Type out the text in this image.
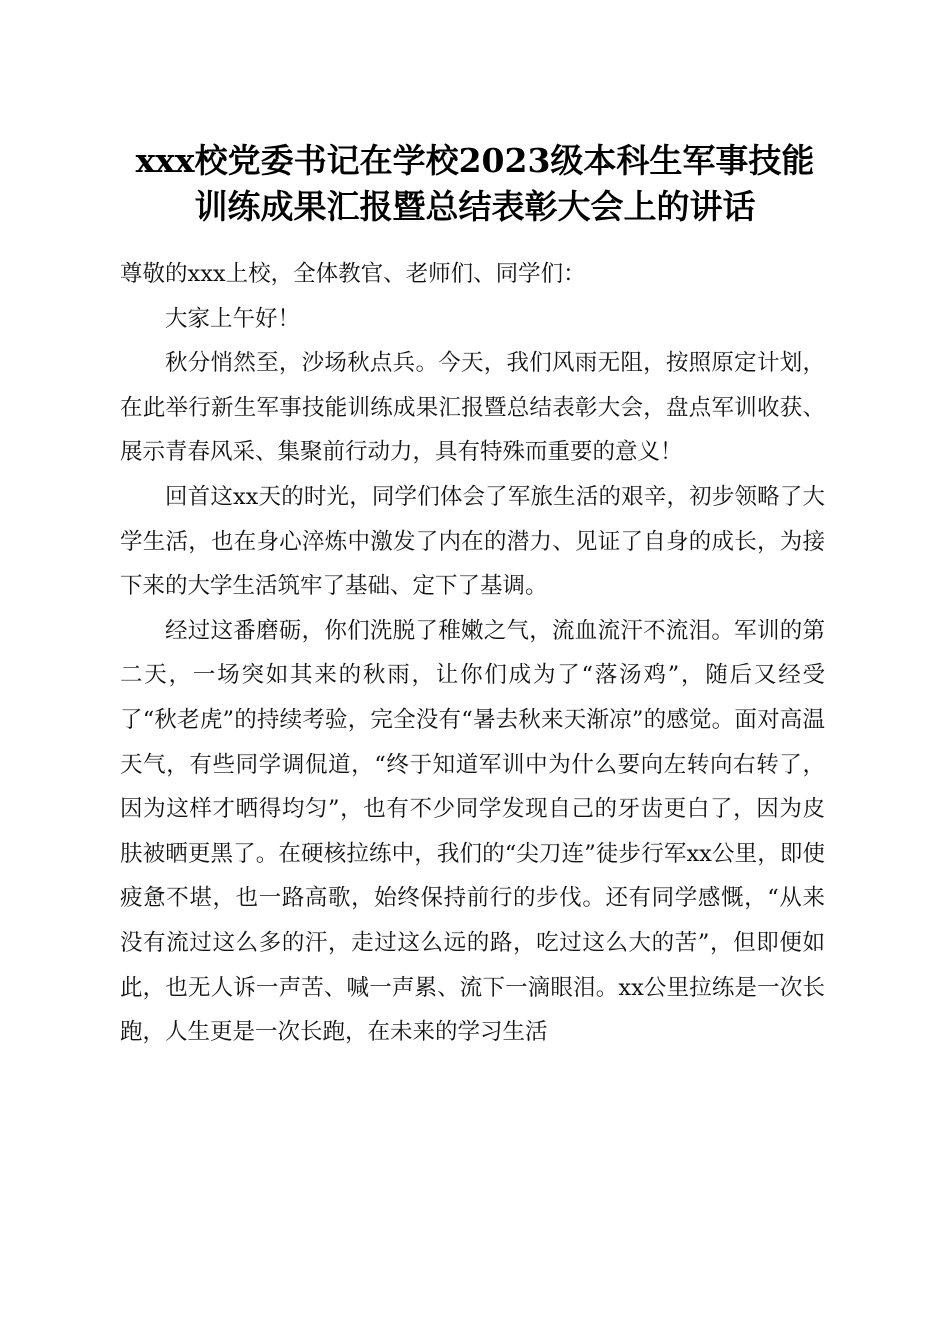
xxx校党委书记在学校2023级本科生军事技能
训练成果汇报暨总结表彰大会上的讲话

尊敬的xxx上校，全体教官、老师们、同学们：

大家上午好！

秋分悄然至，沙场秋点兵。今天，我们风雨无阻，按照原定计划，在此举行新生军事技能训练成果汇报暨总结表彰大会，盘点军训收获、展示青春风采、集聚前行动力，具有特殊而重要的意义！

回首这xx天的时光，同学们体会了军旅生活的艰辛，初步领略了大学生活，也在身心淬炼中激发了内在的潜力、见证了自身的成长，为接下来的大学生活筑牢了基础、定下了基调。

经过这番磨砺，你们洗脱了稚嫩之气，流血流汗不流泪。军训的第二天，一场突如其来的秋雨，让你们成为了“落汤鸡”，随后又经受了“秋老虎”的持续考验，完全没有“暑去秋来天渐凉”的感觉。面对高温天气，有些同学调侃道，“终于知道军训中为什么要向左转向右转了，因为这样才晒得均匀”，也有不少同学发现自己的牙齿更白了，因为皮肤被晒更黑了。在硬核拉练中，我们的“尖刀连”徒步行军xx公里，即使疲惫不堪，也一路高歌，始终保持前行的步伐。还有同学感慨，“从来没有流过这么多的汗，走过这么远的路，吃过这么大的苦”，但即便如此，也无人诉一声苦、喊一声累、流下一滴眼泪。xx公里拉练是一次长跑，人生更是一次长跑，在未来的学习生活
